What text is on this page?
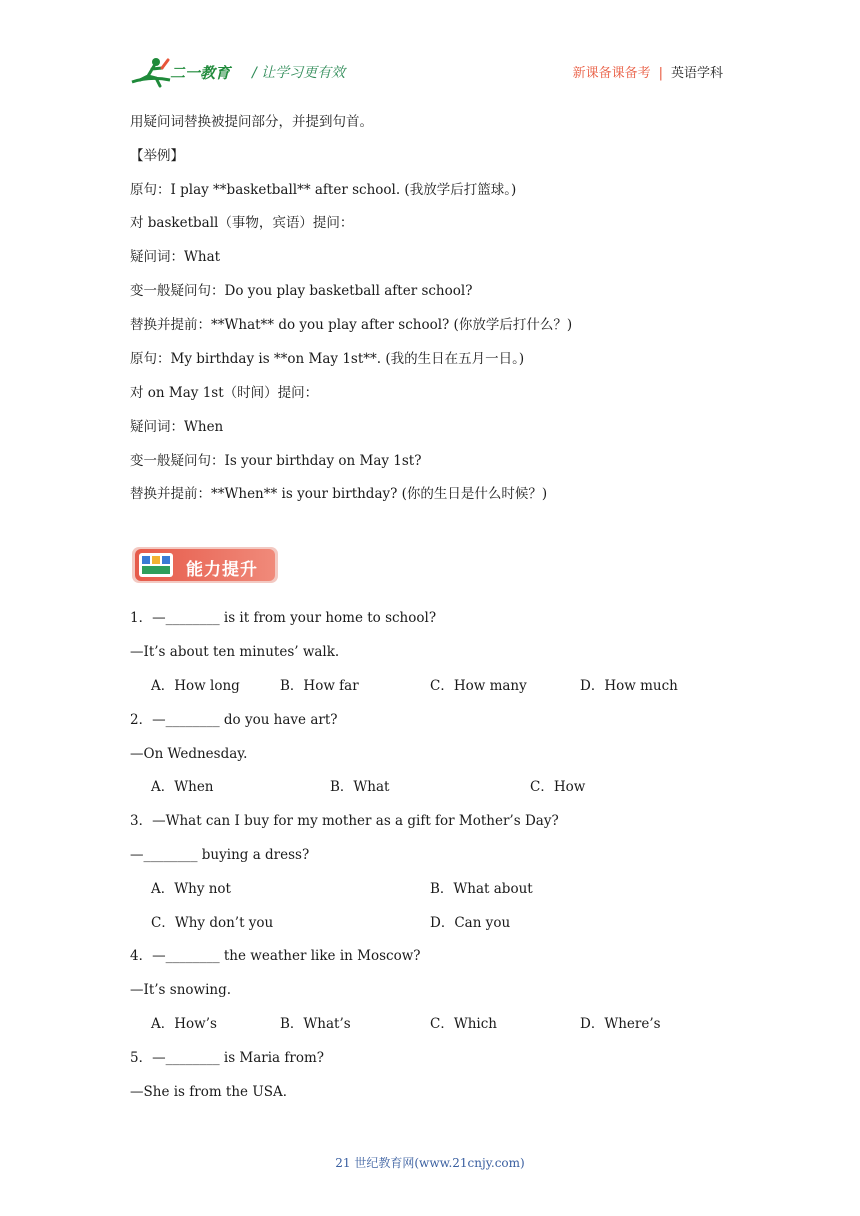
二一教育 / 让学习更有效	新课备课备考 | 英语学科
用疑问词替换被提问部分，并提到句首。
【举例】
原句：I play **basketball** after school. (我放学后打篮球。)
对 basketball（事物，宾语）提问：
疑问词：What
变一般疑问句：Do you play basketball after school?
替换并提前：**What** do you play after school? (你放学后打什么？)
原句：My birthday is **on May 1st**. (我的生日在五月一日。)
对 on May 1st（时间）提问：
疑问词：When
变一般疑问句：Is your birthday on May 1st?
替换并提前：**When** is your birthday? (你的生日是什么时候？)
能力提升
1．—________ is it from your home to school?
—It’s about ten minutes’ walk.
A．How long	B．How far	C．How many	D．How much
2．—________ do you have art?
—On Wednesday.
A．When	B．What	C．How
3．—What can I buy for my mother as a gift for Mother’s Day?
—________ buying a dress?
A．Why not	B．What about
C．Why don’t you	D．Can you
4．—________ the weather like in Moscow?
—It’s snowing.
A．How’s	B．What’s	C．Which	D．Where’s
5．—________ is Maria from?
—She is from the USA．
21 世纪教育网(www.21cnjy.com)
